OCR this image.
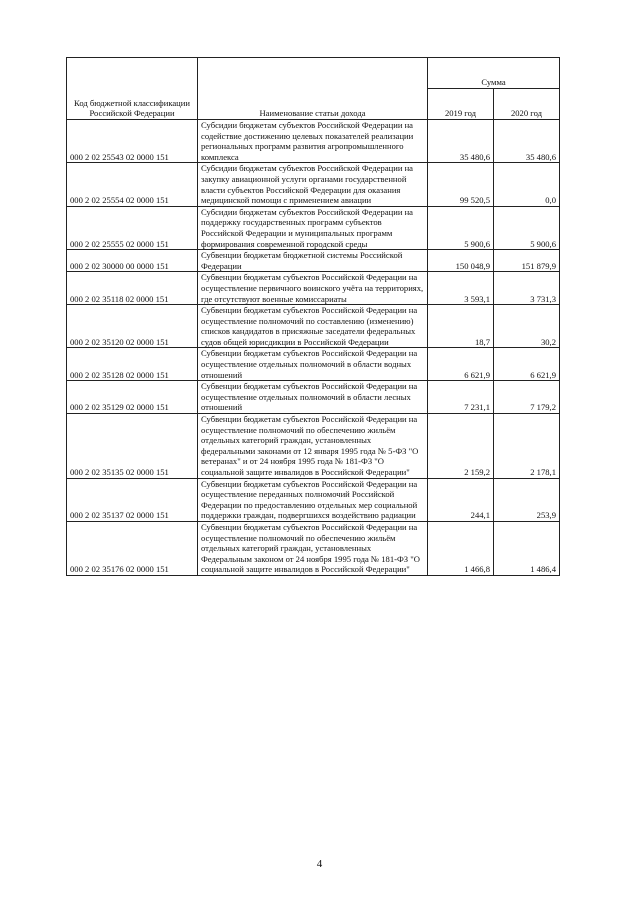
Код бюджетной классификации Российской Федерации	Наименование статьи дохода	Сумма	
		2019 год	2020 год
000 2 02 25543 02 0000 151	Субсидии бюджетам субъектов Российской Федерации на содействие достижению целевых показателей реализации региональных программ развития агропромышленного комплекса	35 480,6	35 480,6
000 2 02 25554 02 0000 151	Субсидии бюджетам субъектов Российской Федерации на закупку авиационной услуги органами государственной власти субъектов Российской Федерации для оказания медицинской помощи с применением авиации	99 520,5	0,0
000 2 02 25555 02 0000 151	Субсидии бюджетам субъектов Российской Федерации на поддержку государственных программ субъектов Российской Федерации и муниципальных программ формирования современной городской среды	5 900,6	5 900,6
000 2 02 30000 00 0000 151	Субвенции бюджетам бюджетной системы Российской Федерации	150 048,9	151 879,9
000 2 02 35118 02 0000 151	Субвенции бюджетам субъектов Российской Федерации на осуществление первичного воинского учёта на территориях, где отсутствуют военные комиссариаты	3 593,1	3 731,3
000 2 02 35120 02 0000 151	Субвенции бюджетам субъектов Российской Федерации на осуществление полномочий по составлению (изменению) списков кандидатов в присяжные заседатели федеральных судов общей юрисдикции в Российской Федерации	18,7	30,2
000 2 02 35128 02 0000 151	Субвенции бюджетам субъектов Российской Федерации на осуществление отдельных полномочий в области водных отношений	6 621,9	6 621,9
000 2 02 35129 02 0000 151	Субвенции бюджетам субъектов Российской Федерации на осуществление отдельных полномочий в области лесных отношений	7 231,1	7 179,2
000 2 02 35135 02 0000 151	Субвенции бюджетам субъектов Российской Федерации на осуществление полномочий по обеспечению жильём отдельных категорий граждан, установленных федеральными законами от 12 января 1995 года № 5-ФЗ "О ветеранах" и от 24 ноября 1995 года № 181-ФЗ "О социальной защите инвалидов в Российской Федерации"	2 159,2	2 178,1
000 2 02 35137 02 0000 151	Субвенции бюджетам субъектов Российской Федерации на осуществление переданных полномочий Российской Федерации по предоставлению отдельных мер социальной поддержки граждан, подвергшихся воздействию радиации	244,1	253,9
000 2 02 35176 02 0000 151	Субвенции бюджетам субъектов Российской Федерации на осуществление полномочий по обеспечению жильём отдельных категорий граждан, установленных Федеральным законом от 24 ноября 1995 года № 181-ФЗ "О социальной защите инвалидов в Российской Федерации"	1 466,8	1 486,4
4
